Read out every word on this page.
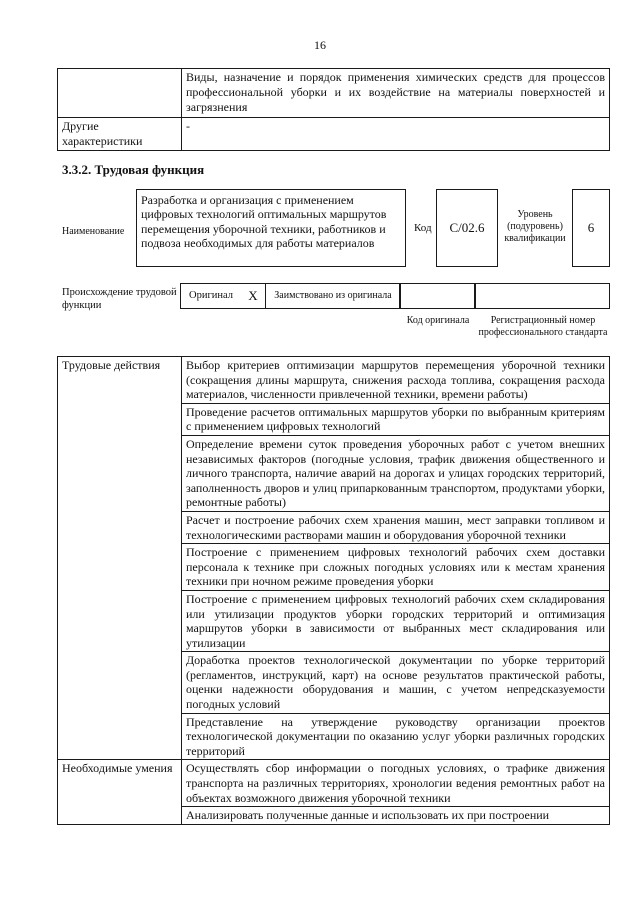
16
	Виды, назначение и порядок применения химических средств для процессов профессиональной уборки и их воздействие на материалы поверхностей и загрязнения
Другие характеристики	-
3.3.2. Трудовая функция
Наименование
Разработка и организация с применением цифровых технологий оптимальных маршрутов перемещения уборочной техники, работников и подвоза необходимых для работы материалов
Код	C/02.6
Уровень (подуровень) квалификации
6
Происхождение трудовой функции
Оригинал	X	Заимствовано из оригинала
Код оригинала	Регистрационный номер профессионального стандарта
Трудовые действия	Выбор критериев оптимизации маршрутов перемещения уборочной техники (сокращения длины маршрута, снижения расхода топлива, сокращения расхода материалов, численности привлеченной техники, времени работы)
	Проведение расчетов оптимальных маршрутов уборки по выбранным критериям с применением цифровых технологий
	Определение времени суток проведения уборочных работ с учетом внешних независимых факторов (погодные условия, трафик движения общественного и личного транспорта, наличие аварий на дорогах и улицах городских территорий, заполненность дворов и улиц припаркованным транспортом, продуктами уборки, ремонтные работы)
	Расчет и построение рабочих схем хранения машин, мест заправки топливом и технологическими растворами машин и оборудования уборочной техники
	Построение с применением цифровых технологий рабочих схем доставки персонала к технике при сложных погодных условиях или к местам хранения техники при ночном режиме проведения уборки
	Построение с применением цифровых технологий рабочих схем складирования или утилизации продуктов уборки городских территорий и оптимизация маршрутов уборки в зависимости от выбранных мест складирования или утилизации
	Доработка проектов технологической документации по уборке территорий (регламентов, инструкций, карт) на основе результатов практической работы, оценки надежности оборудования и машин, с учетом непредсказуемости погодных условий
	Представление на утверждение руководству организации проектов технологической документации по оказанию услуг уборки различных городских территорий
Необходимые умения	Осуществлять сбор информации о погодных условиях, о трафике движения транспорта на различных территориях, хронологии ведения ремонтных работ на объектах возможного движения уборочной техники
	Анализировать полученные данные и использовать их при построении
